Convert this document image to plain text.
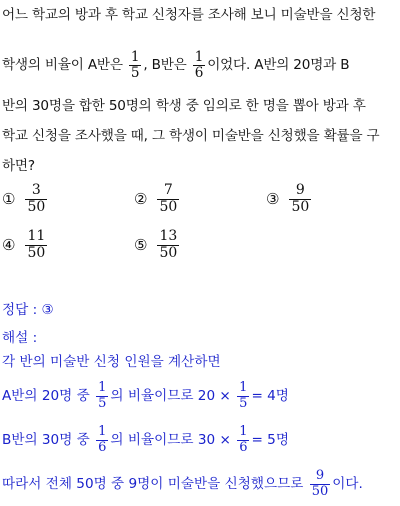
어느 학교의 방과 후 학교 신청자를 조사해 보니 미술반을 신청한
학생의 비율이 A반은 $\frac{1}{5}$ , B반은 $\frac{1}{6}$ 이었다. A반의 20명과 B
반의 30명을 합한 50명의 학생 중 임의로 한 명을 뽑아 방과 후
학교 신청을 조사했을 때, 그 학생이 미술반을 신청했을 확률을 구
하면?
① $\frac{3}{50}$	② $\frac{7}{50}$	③ $\frac{9}{50}$
④ $\frac{11}{50}$	⑤ $\frac{13}{50}$
정답 : ③
해설 :
각 반의 미술반 신청 인원을 계산하면
A반의 20명 중
$\frac{1}{5}$ 의 비율이므로 20 ×
$\frac{1}{5} = 4$명
B반의 30명 중
$\frac{1}{6}$ 의 비율이므로 30 ×
$\frac{1}{6} = 5$명
따라서 전체 50명 중 9명이 미술반을 신청했으므로
$\frac{9}{50}$ 이다.
